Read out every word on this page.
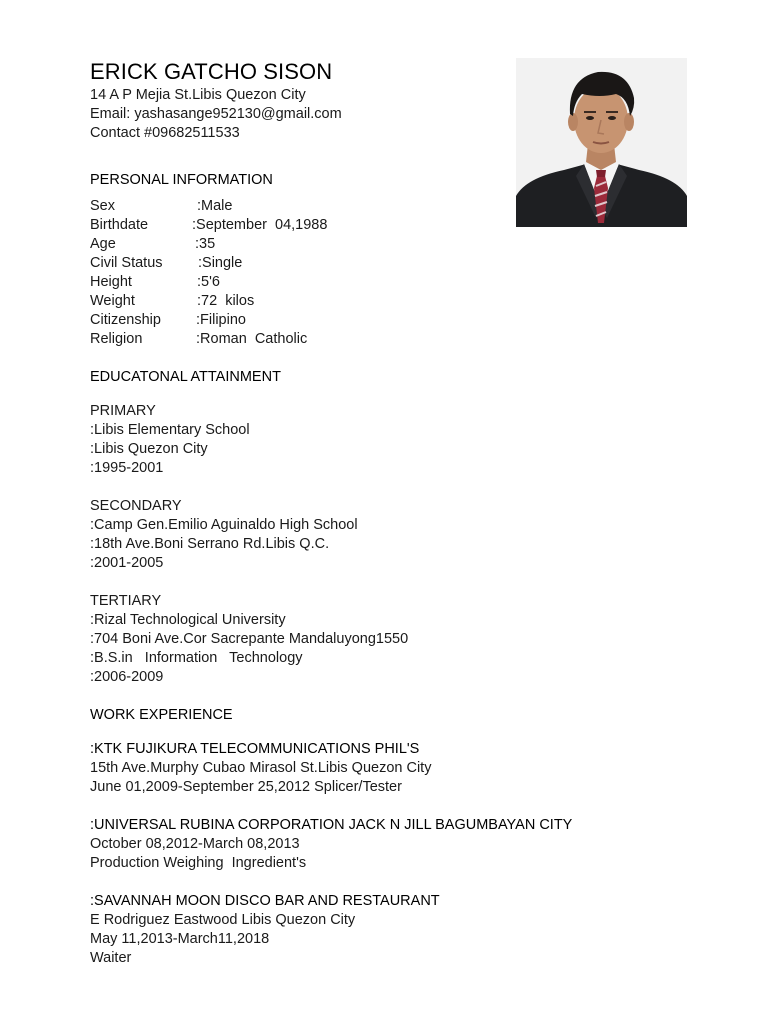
ERICK GATCHO SISON

14 A P Mejia St.Libis Quezon City

Email: yashasange952130@gmail.com

Contact #09682511533

PERSONAL INFORMATION
Sex	:Male
Birthdate	:September  04,1988
Age	:35
Civil Status :Single
Height	:5'6
Weight	:72  kilos
Citizenship :Filipino
Religion	:Roman  Catholic
EDUCATONAL ATTAINMENT

PRIMARY

:Libis Elementary School

:Libis Quezon City

:1995-2001

SECONDARY

:Camp Gen.Emilio Aguinaldo High School

:18th Ave.Boni Serrano Rd.Libis Q.C.

:2001-2005

TERTIARY

:Rizal Technological University

:704 Boni Ave.Cor Sacrepante Mandaluyong1550

:B.S.in   Information   Technology

:2006-2009

WORK EXPERIENCE

:KTK FUJIKURA TELECOMMUNICATIONS PHIL'S

15th Ave.Murphy Cubao Mirasol St.Libis Quezon City

June 01,2009-September 25,2012 Splicer/Tester

:UNIVERSAL RUBINA CORPORATION JACK N JILL BAGUMBAYAN CITY

October 08,2012-March 08,2013

Production Weighing  Ingredient's

:SAVANNAH MOON DISCO BAR AND RESTAURANT

E Rodriguez Eastwood Libis Quezon City

May 11,2013-March11,2018

Waiter
